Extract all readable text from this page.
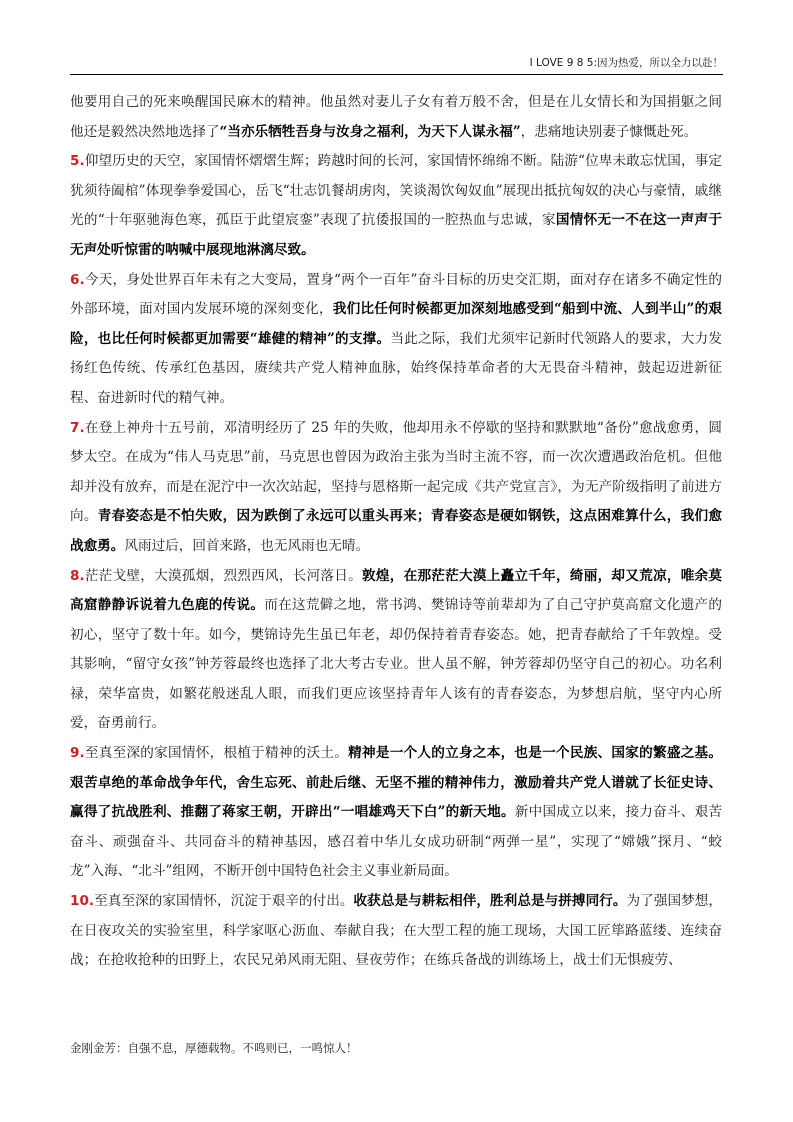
I LOVE 9 8 5:因为热爱，所以全力以赴！

他要用自己的死来唤醒国民麻木的精神。他虽然对妻儿子女有着万般不舍，但是在儿女情长和为国捐躯之间他还是毅然决然地选择了“当亦乐牺牲吾身与汝身之福利，为天下人谋永福”，悲痛地诀别妻子慷慨赴死。

5.仰望历史的天空，家国情怀熠熠生辉；跨越时间的长河，家国情怀绵绵不断。陆游“位卑未敢忘忧国，事定犹须待阖棺”体现拳拳爱国心，岳飞“壮志饥餐胡虏肉，笑谈渴饮匈奴血”展现出抵抗匈奴的决心与豪情，戚继光的“十年驱驰海色寒，孤臣于此望宸銮”表现了抗倭报国的一腔热血与忠诚，家国情怀无一不在这一声声于无声处听惊雷的呐喊中展现地淋漓尽致。

6.今天，身处世界百年未有之大变局，置身“两个一百年”奋斗目标的历史交汇期，面对存在诸多不确定性的外部环境，面对国内发展环境的深刻变化，我们比任何时候都更加深刻地感受到“船到中流、人到半山”的艰险，也比任何时候都更加需要“雄健的精神”的支撑。当此之际，我们尤须牢记新时代领路人的要求，大力发扬红色传统、传承红色基因，赓续共产党人精神血脉，始终保持革命者的大无畏奋斗精神，鼓起迈进新征程、奋进新时代的精气神。

7.在登上神舟十五号前，邓清明经历了 25 年的失败，他却用永不停歇的坚持和默默地“备份”愈战愈勇，圆梦太空。在成为“伟人马克思”前，马克思也曾因为政治主张为当时主流不容，而一次次遭遇政治危机。但他却并没有放弃，而是在泥泞中一次次站起，坚持与恩格斯一起完成《共产党宣言》，为无产阶级指明了前进方向。青春姿态是不怕失败，因为跌倒了永远可以重头再来；青春姿态是硬如钢铁，这点困难算什么，我们愈战愈勇。风雨过后，回首来路，也无风雨也无晴。

8.茫茫戈壁，大漠孤烟，烈烈西风，长河落日。敦煌，在那茫茫大漠上矗立千年，绮丽，却又荒凉，唯余莫高窟静静诉说着九色鹿的传说。而在这荒僻之地，常书鸿、樊锦诗等前辈却为了自己守护莫高窟文化遗产的初心，坚守了数十年。如今，樊锦诗先生虽已年老，却仍保持着青春姿态。她，把青春献给了千年敦煌。受其影响，“留守女孩”钟芳蓉最终也选择了北大考古专业。世人虽不解，钟芳蓉却仍坚守自己的初心。功名利禄，荣华富贵，如繁花般迷乱人眼，而我们更应该坚持青年人该有的青春姿态，为梦想启航，坚守内心所爱，奋勇前行。

9.至真至深的家国情怀，根植于精神的沃土。精神是一个人的立身之本，也是一个民族、国家的繁盛之基。艰苦卓绝的革命战争年代，舍生忘死、前赴后继、无坚不摧的精神伟力，激励着共产党人谱就了长征史诗、赢得了抗战胜利、推翻了蒋家王朝，开辟出“一唱雄鸡天下白”的新天地。新中国成立以来，接力奋斗、艰苦奋斗、顽强奋斗、共同奋斗的精神基因，感召着中华儿女成功研制“两弹一星”，实现了“嫦娥”探月、“蛟龙”入海、“北斗”组网，不断开创中国特色社会主义事业新局面。

10.至真至深的家国情怀，沉淀于艰辛的付出。收获总是与耕耘相伴，胜利总是与拼搏同行。为了强国梦想，在日夜攻关的实验室里，科学家呕心沥血、奉献自我；在大型工程的施工现场，大国工匠筚路蓝缕、连续奋战；在抢收抢种的田野上，农民兄弟风雨无阻、昼夜劳作；在练兵备战的训练场上，战士们无惧疲劳、

金刚金芳：自强不息，厚德载物。不鸣则已，一鸣惊人！
